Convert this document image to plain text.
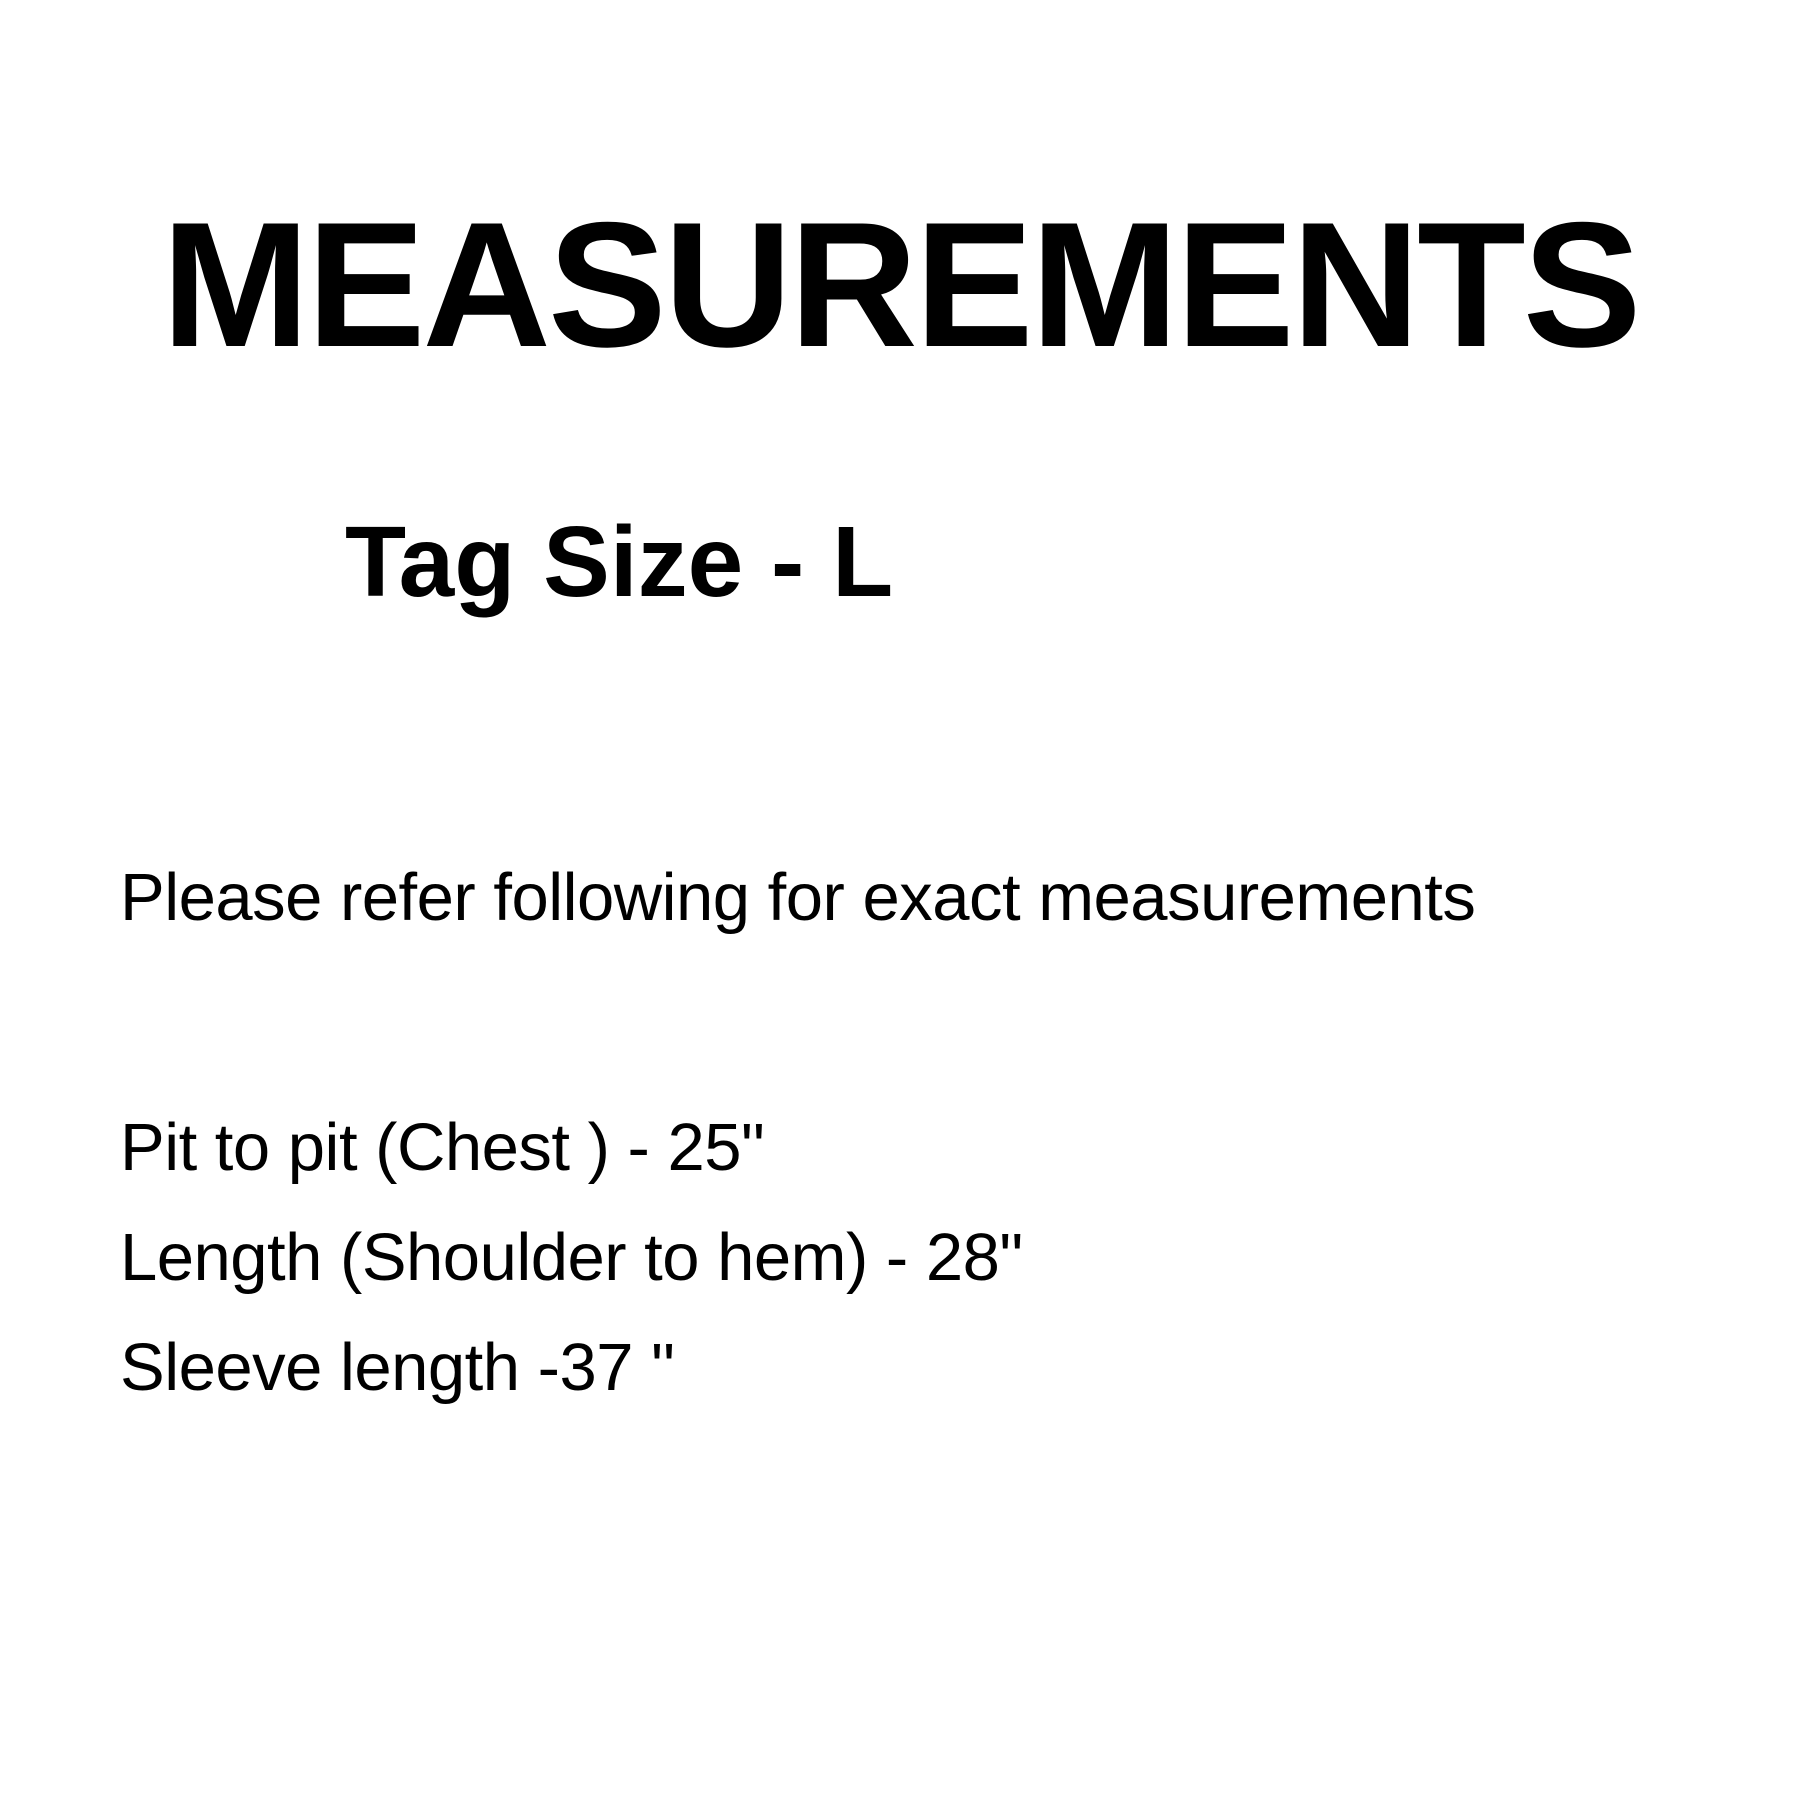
MEASUREMENTS
Tag Size - L
Please refer following for exact measurements
Pit to pit (Chest ) - 25"
Length (Shoulder to hem) - 28"
Sleeve length -37 "
